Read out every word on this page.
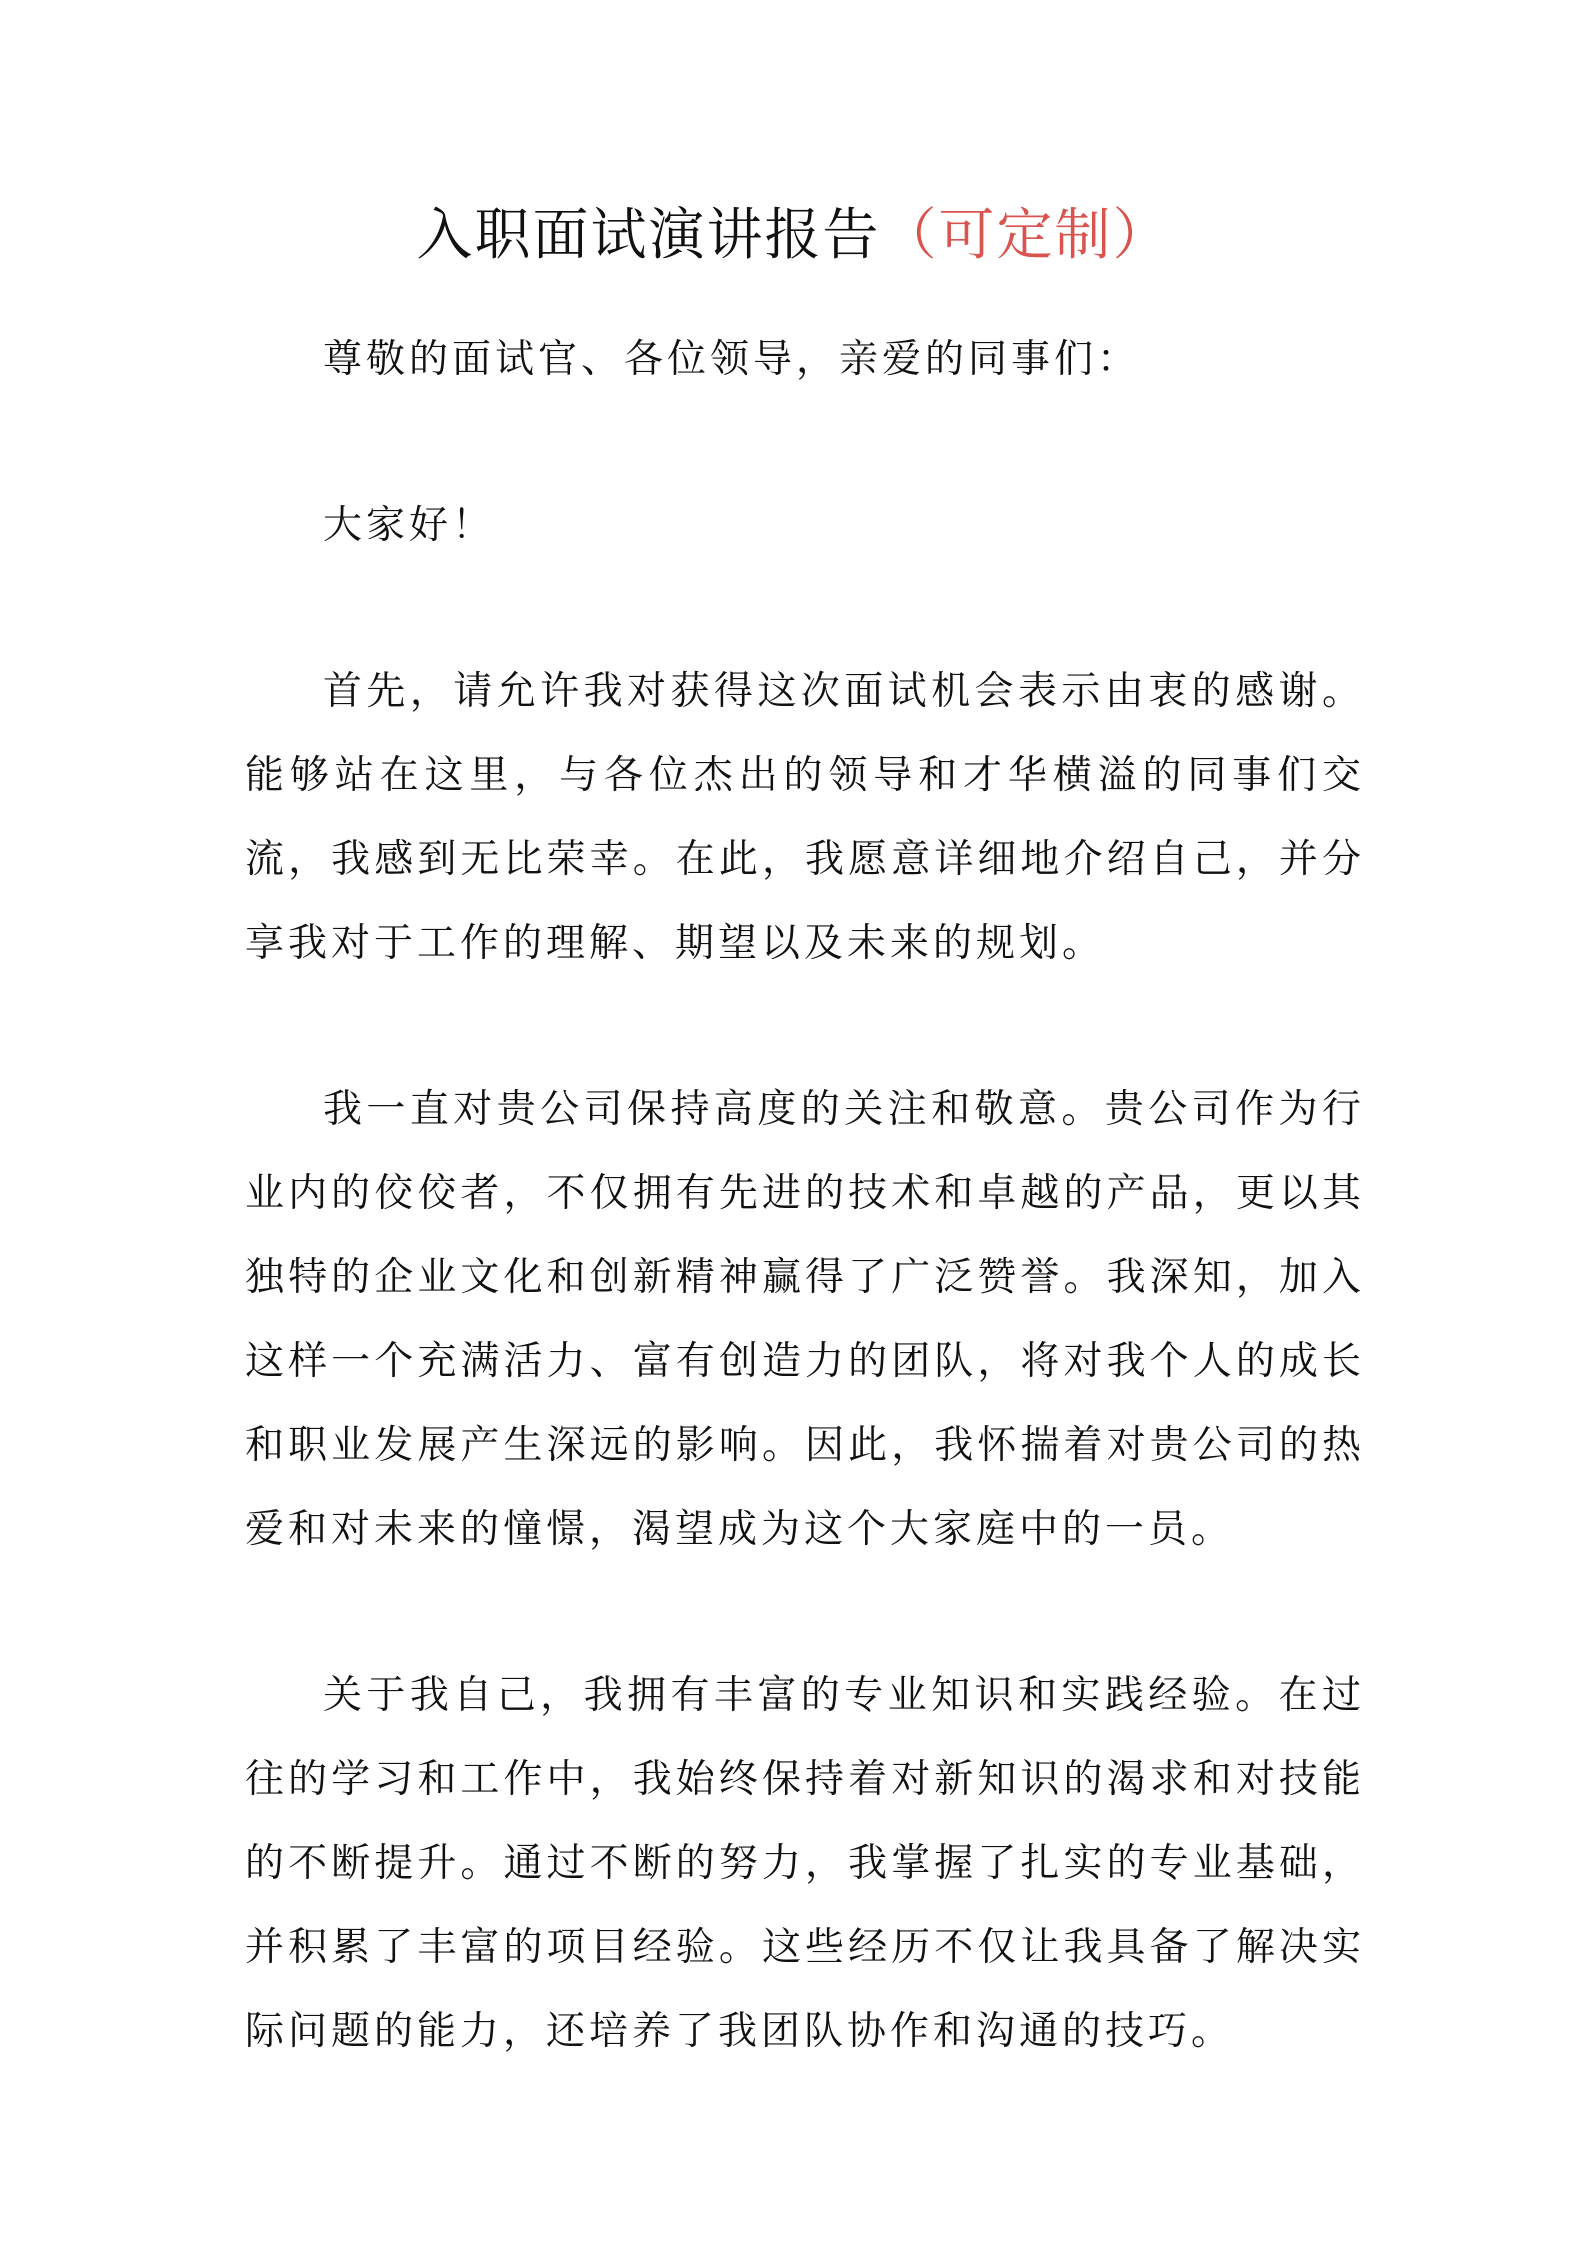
入职面试演讲报告（可定制）

尊敬的面试官、各位领导，亲爱的同事们：

大家好！

首先，请允许我对获得这次面试机会表示由衷的感谢。能够站在这里，与各位杰出的领导和才华横溢的同事们交流，我感到无比荣幸。在此，我愿意详细地介绍自己，并分享我对于工作的理解、期望以及未来的规划。

我一直对贵公司保持高度的关注和敬意。贵公司作为行业内的佼佼者，不仅拥有先进的技术和卓越的产品，更以其独特的企业文化和创新精神赢得了广泛赞誉。我深知，加入这样一个充满活力、富有创造力的团队，将对我个人的成长和职业发展产生深远的影响。因此，我怀揣着对贵公司的热爱和对未来的憧憬，渴望成为这个大家庭中的一员。

关于我自己，我拥有丰富的专业知识和实践经验。在过往的学习和工作中，我始终保持着对新知识的渴求和对技能的不断提升。通过不断的努力，我掌握了扎实的专业基础，并积累了丰富的项目经验。这些经历不仅让我具备了解决实际问题的能力，还培养了我团队协作和沟通的技巧。
